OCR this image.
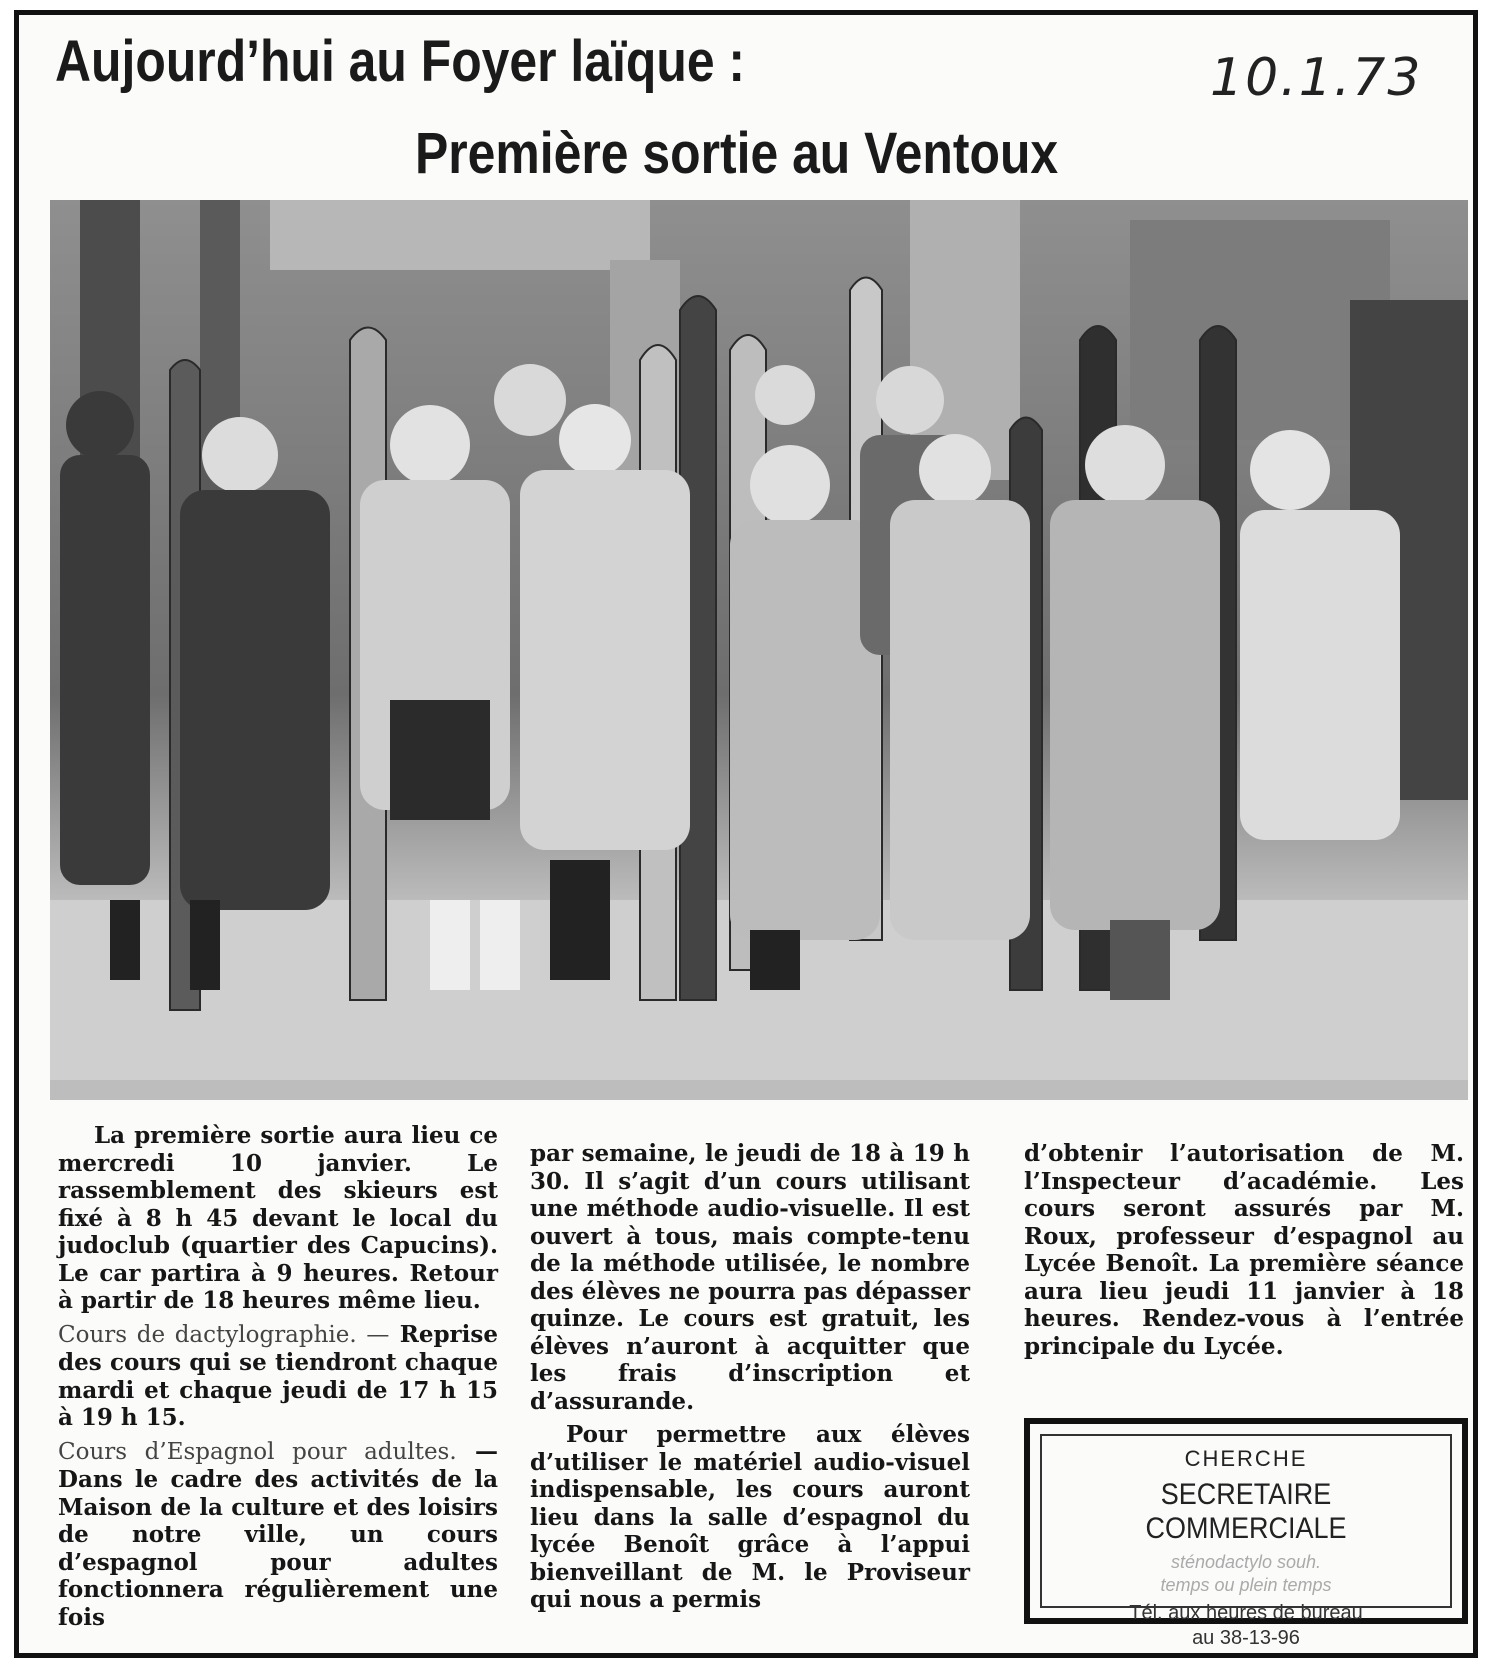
Aujourd’hui au Foyer laïque :
Première sortie au Ventoux
10.1.73

La première sortie aura lieu ce mercredi 10 janvier. Le rassemblement des skieurs est fixé à 8 h 45 devant le local du judoclub (quartier des Capucins). Le car partira à 9 heures. Retour à partir de 18 heures même lieu.

Cours de dactylographie. — Reprise des cours qui se tiendront chaque mardi et chaque jeudi de 17 h 15 à 19 h 15.

Cours d’Espagnol pour adultes. — Dans le cadre des activités de la Maison de la culture et des loisirs de notre ville, un cours d’espagnol pour adultes fonctionnera régulièrement une fois

par semaine, le jeudi de 18 à 19 h 30. Il s’agit d’un cours utilisant une méthode audio-visuelle. Il est ouvert à tous, mais compte-tenu de la méthode utilisée, le nombre des élèves ne pourra pas dépasser quinze. Le cours est gratuit, les élèves n’auront à acquitter que les frais d’inscription et d’assurande.

Pour permettre aux élèves d’utiliser le matériel audio-visuel indispensable, les cours auront lieu dans la salle d’espagnol du lycée Benoît grâce à l’appui bienveillant de M. le Proviseur qui nous a permis

d’obtenir l’autorisation de M. l’Inspecteur d’académie. Les cours seront assurés par M. Roux, professeur d’espagnol au Lycée Benoît. La première séance aura lieu jeudi 11 janvier à 18 heures. Rendez-vous à l’entrée principale du Lycée.

CHERCHE
SECRETAIRE COMMERCIALE
sténodactylo souh.
temps ou plein temps
Tél. aux heures de bureau
au 38-13-96
